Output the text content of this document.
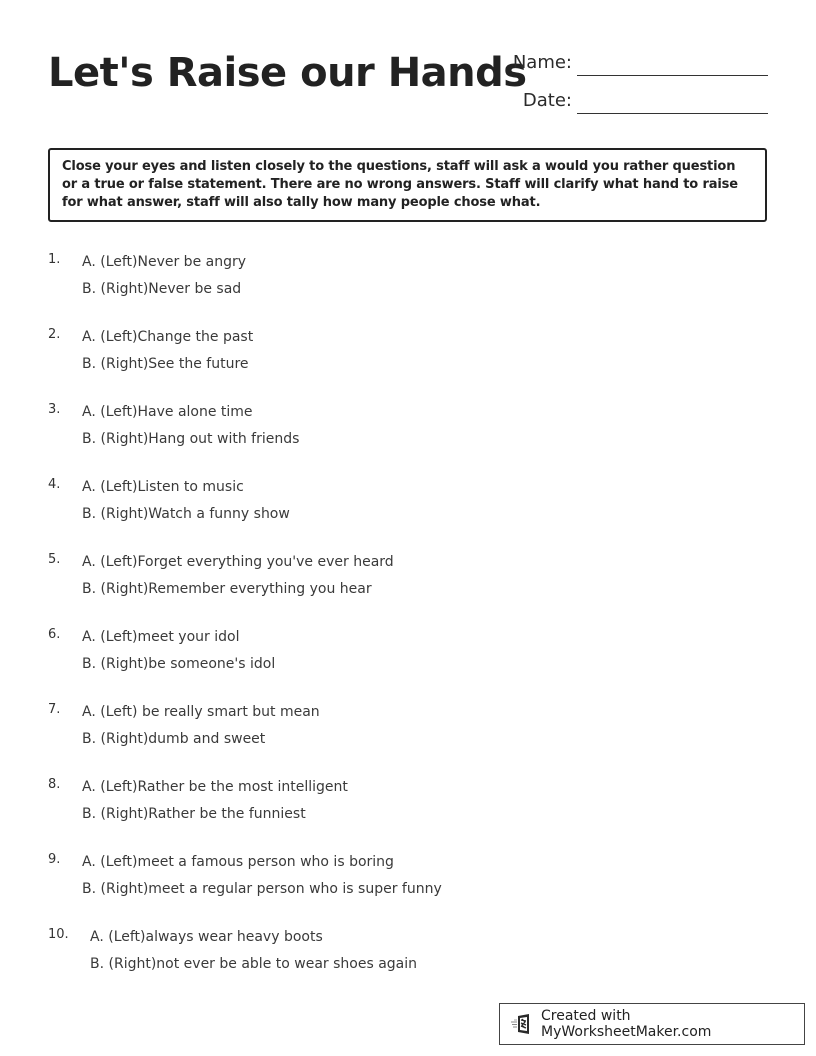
Let's Raise our Hands
Name:
Date:
Close your eyes and listen closely to the questions, staff will ask a would you rather question or a true or false statement. There are no wrong answers. Staff will clarify what hand to raise for what answer, staff will also tally how many people chose what.
1. A. (Left)Never be angry
B. (Right)Never be sad
2. A. (Left)Change the past
B. (Right)See the future
3. A. (Left)Have alone time
B. (Right)Hang out with friends
4. A. (Left)Listen to music
B. (Right)Watch a funny show
5. A. (Left)Forget everything you've ever heard
B. (Right)Remember everything you hear
6. A. (Left)meet your idol
B. (Right)be someone's idol
7. A. (Left) be really smart but mean
B. (Right)dumb and sweet
8. A. (Left)Rather be the most intelligent
B. (Right)Rather be the funniest
9. A. (Left)meet a famous person who is boring
B. (Right)meet a regular person who is super funny
10. A. (Left)always wear heavy boots
B. (Right)not ever be able to wear shoes again
Created with MyWorksheetMaker.com
